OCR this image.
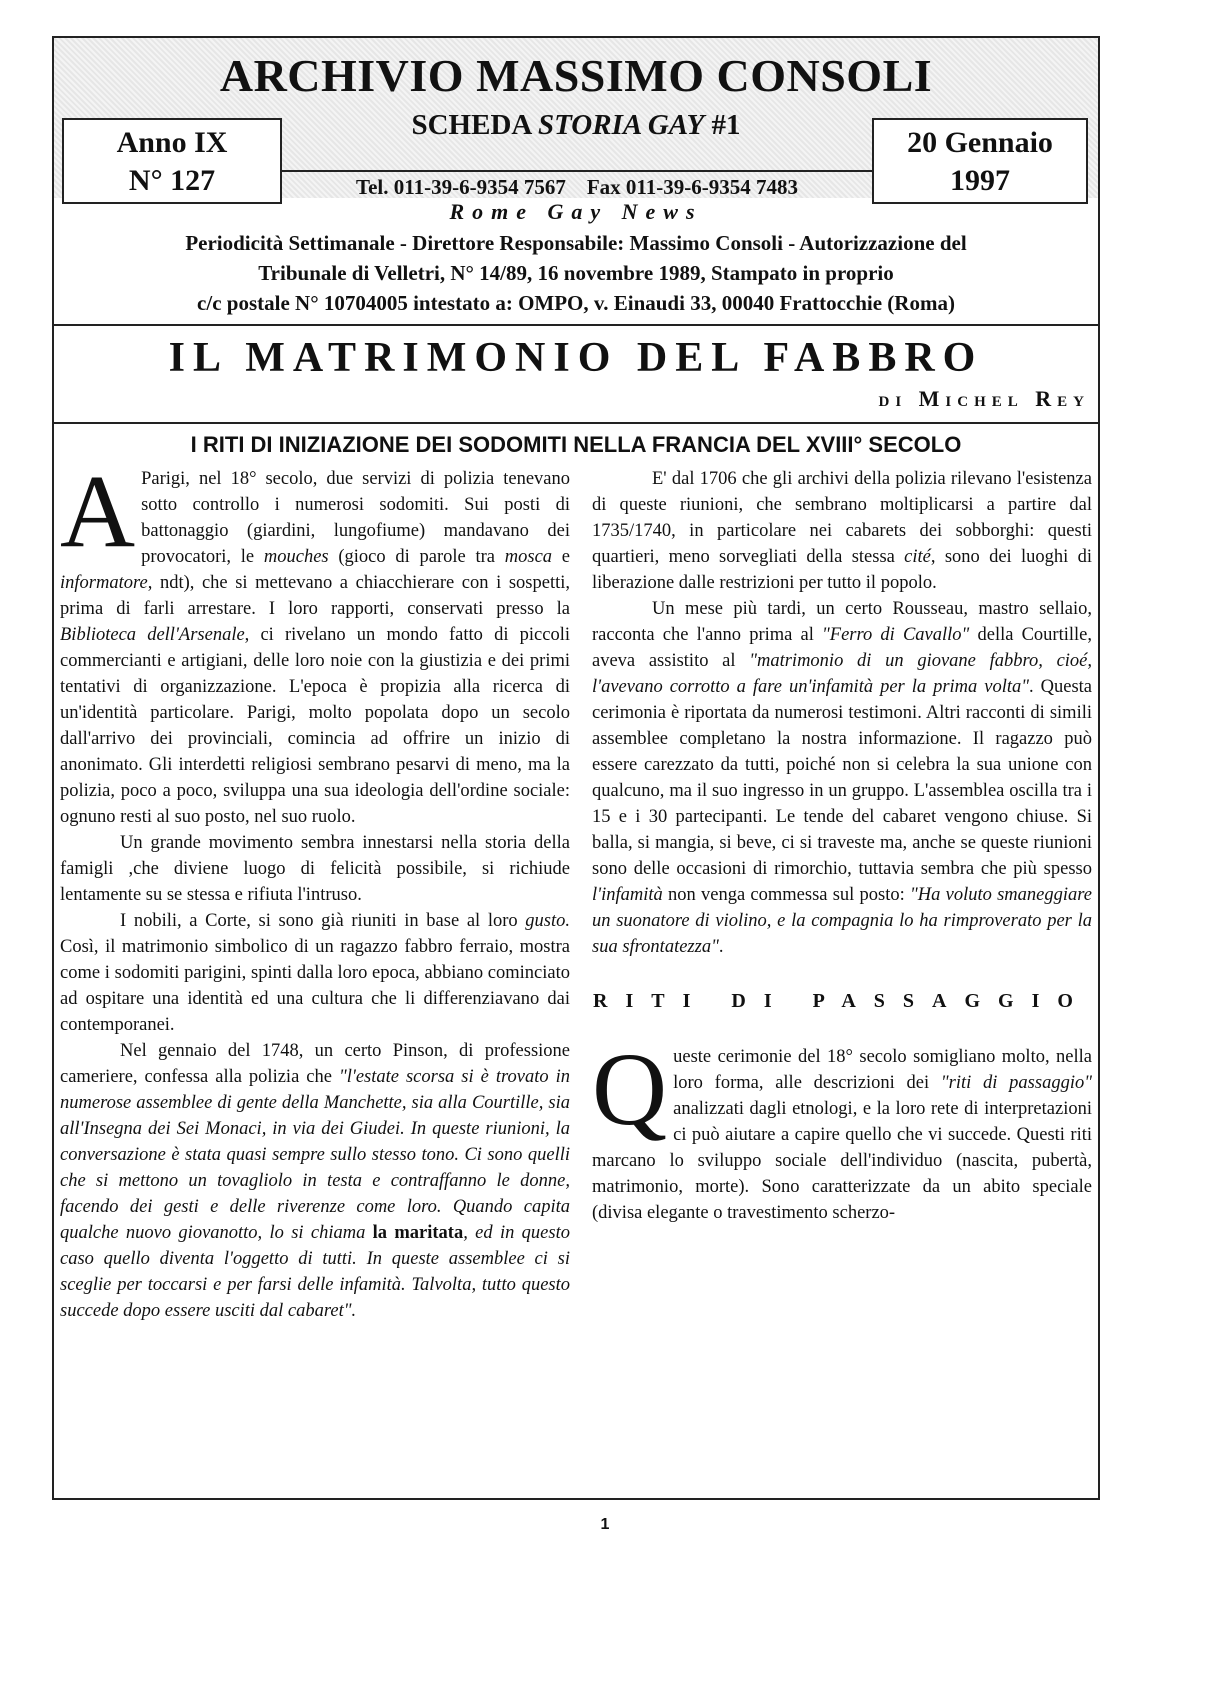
ARCHIVIO MASSIMO CONSOLI
SCHEDA STORIA GAY #1
Anno IX
N° 127
20 Gennaio
1997
Tel. 011-39-6-9354 7567    Fax 011-39-6-9354 7483
Rome Gay News
Periodicità Settimanale - Direttore Responsabile: Massimo Consoli - Autorizzazione del
Tribunale di Velletri, N° 14/89, 16 novembre 1989, Stampato in proprio
c/c postale N° 10704005 intestato a: OMPO, v. Einaudi 33, 00040 Frattocchie (Roma)
IL MATRIMONIO DEL FABBRO
di Michel Rey
I RITI DI INIZIAZIONE DEI SODOMITI NELLA FRANCIA DEL XVIII° SECOLO

A Parigi, nel 18° secolo, due servizi di polizia tenevano sotto controllo i numerosi sodomiti. Sui posti di battonaggio (giardini, lungofiume) mandavano dei provocatori, le mouches (gioco di parole tra mosca e informatore, ndt), che si mettevano a chiacchierare con i sospetti, prima di farli arrestare. I loro rapporti, conservati presso la Biblioteca dell'Arsenale, ci rivelano un mondo fatto di piccoli commercianti e artigiani, delle loro noie con la giustizia e dei primi tentativi di organizzazione. L'epoca è propizia alla ricerca di un'identità particolare. Parigi, molto popolata dopo un secolo dall'arrivo dei provinciali, comincia ad offrire un inizio di anonimato. Gli interdetti religiosi sembrano pesarvi di meno, ma la polizia, poco a poco, sviluppa una sua ideologia dell'ordine sociale: ognuno resti al suo posto, nel suo ruolo.

Un grande movimento sembra innestarsi nella storia della famigli ,che diviene luogo di felicità possibile, si richiude lentamente su se stessa e rifiuta l'intruso.

I nobili, a Corte, si sono già riuniti in base al loro gusto. Così, il matrimonio simbolico di un ragazzo fabbro ferraio, mostra come i sodomiti parigini, spinti dalla loro epoca, abbiano cominciato ad ospitare una identità ed una cultura che li differenziavano dai contemporanei.

Nel gennaio del 1748, un certo Pinson, di professione cameriere, confessa alla polizia che "l'estate scorsa si è trovato in numerose assemblee di gente della Manchette, sia alla Courtille, sia all'Insegna dei Sei Monaci, in via dei Giudei. In queste riunioni, la conversazione è stata quasi sempre sullo stesso tono. Ci sono quelli che si mettono un tovagliolo in testa e contraffanno le donne, facendo dei gesti e delle riverenze come loro. Quando capita qualche nuovo giovanotto, lo si chiama la maritata, ed in questo caso quello diventa l'oggetto di tutti. In queste assemblee ci si sceglie per toccarsi e per farsi delle infamità. Talvolta, tutto questo succede dopo essere usciti dal cabaret".

E' dal 1706 che gli archivi della polizia rilevano l'esistenza di queste riunioni, che sembrano moltiplicarsi a partire dal 1735/1740, in particolare nei cabarets dei sobborghi: questi quartieri, meno sorvegliati della stessa cité, sono dei luoghi di liberazione dalle restrizioni per tutto il popolo.

Un mese più tardi, un certo Rousseau, mastro sellaio, racconta che l'anno prima al "Ferro di Cavallo" della Courtille, aveva assistito al "matrimonio di un giovane fabbro, cioé, l'avevano corrotto a fare un'infamità per la prima volta". Questa cerimonia è riportata da numerosi testimoni. Altri racconti di simili assemblee completano la nostra informazione. Il ragazzo può essere carezzato da tutti, poiché non si celebra la sua unione con qualcuno, ma il suo ingresso in un gruppo. L'assemblea oscilla tra i 15 e i 30 partecipanti. Le tende del cabaret vengono chiuse. Si balla, si mangia, si beve, ci si traveste ma, anche se queste riunioni sono delle occasioni di rimorchio, tuttavia sembra che più spesso l'infamità non venga commessa sul posto: "Ha voluto smaneggiare un suonatore di violino, e la compagnia lo ha rimproverato per la sua sfrontatezza".

RITI DI PASSAGGIO

Queste cerimonie del 18° secolo somigliano molto, nella loro forma, alle descrizioni dei "riti di passaggio" analizzati dagli etnologi, e la loro rete di interpretazioni ci può aiutare a capire quello che vi succede. Questi riti marcano lo sviluppo sociale dell'individuo (nascita, pubertà, matrimonio, morte). Sono caratterizzate da un abito speciale (divisa elegante o travestimento scherzo-

1
